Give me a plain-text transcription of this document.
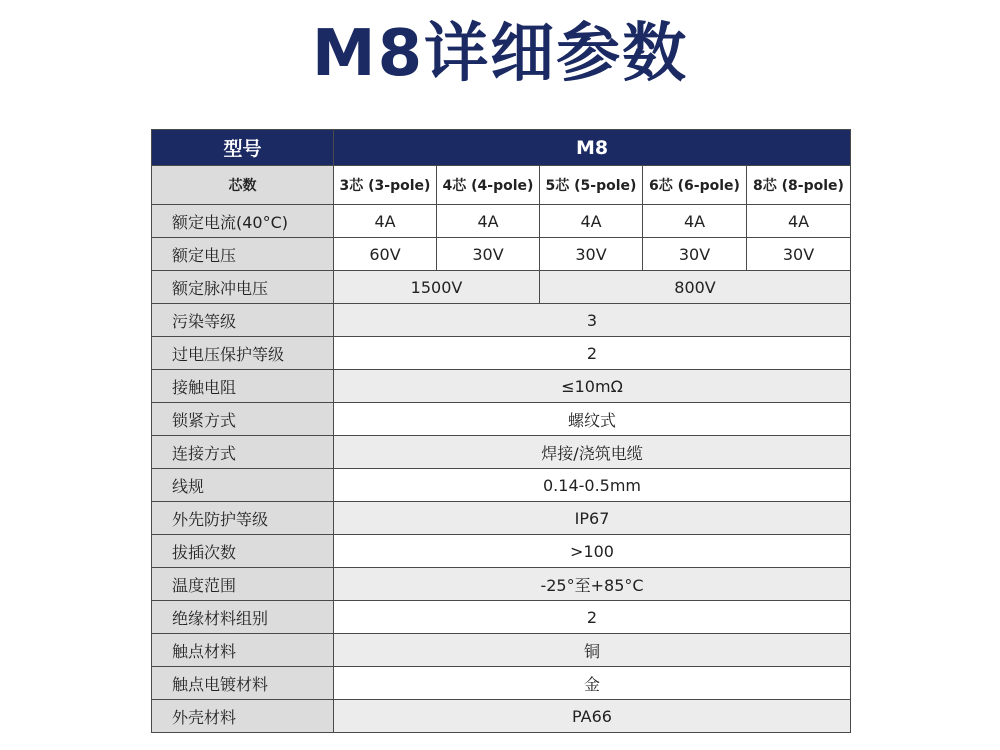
M8详细参数
型号	M8				
芯数	3芯 (3-pole)	4芯 (4-pole)	5芯 (5-pole)	6芯 (6-pole)	8芯 (8-pole)
额定电流(40°C)	4A	4A	4A	4A	4A
额定电压	60V	30V	30V	30V	30V
额定脉冲电压	1500V		800V		
污染等级	3				
过电压保护等级	2				
接触电阻	≤10mΩ				
锁紧方式	螺纹式				
连接方式	焊接/浇筑电缆				
线规	0.14-0.5mm				
外先防护等级	IP67				
拔插次数	>100				
温度范围	-25°至+85°C				
绝缘材料组别	2				
触点材料	铜				
触点电镀材料	金				
外壳材料	PA66				
